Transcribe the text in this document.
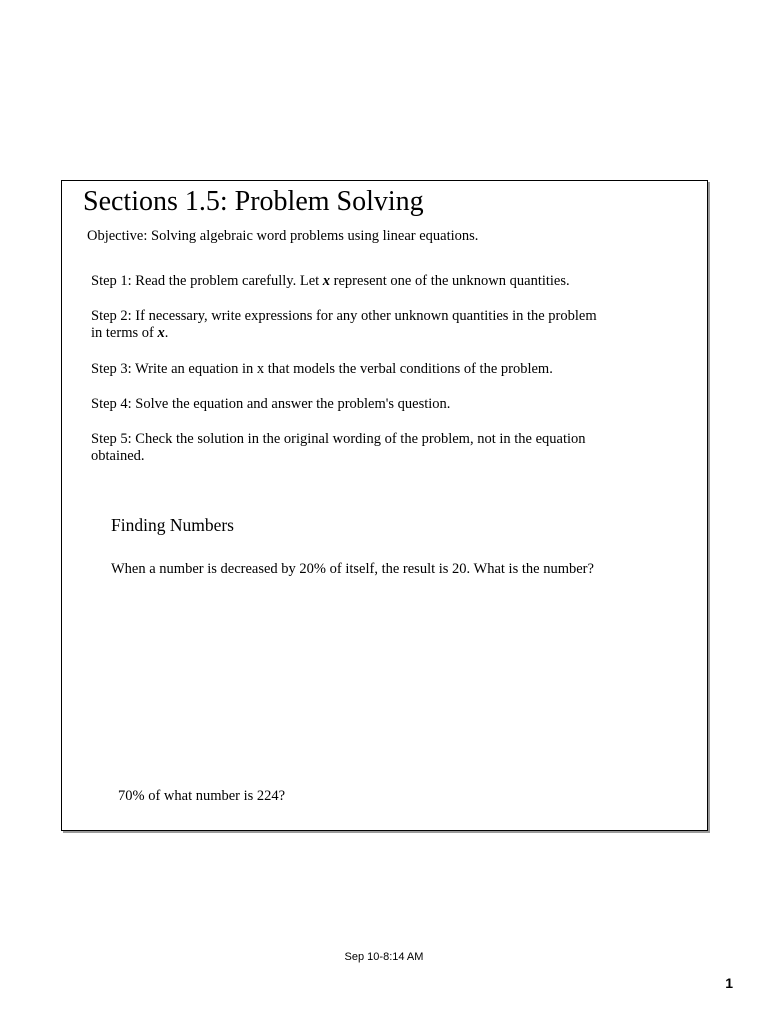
Sections 1.5: Problem Solving

Objective: Solving algebraic word problems using linear equations.

Step 1: Read the problem carefully. Let x represent one of the unknown quantities.

Step 2: If necessary, write expressions for any other unknown quantities in the problem
in terms of x.

Step 3: Write an equation in x that models the verbal conditions of the problem.

Step 4: Solve the equation and answer the problem's question.

Step 5: Check the solution in the original wording of the problem, not in the equation
obtained.

Finding Numbers

When a number is decreased by 20% of itself, the result is 20. What is the number?

70% of what number is 224?

Sep 10-8:14 AM

1
